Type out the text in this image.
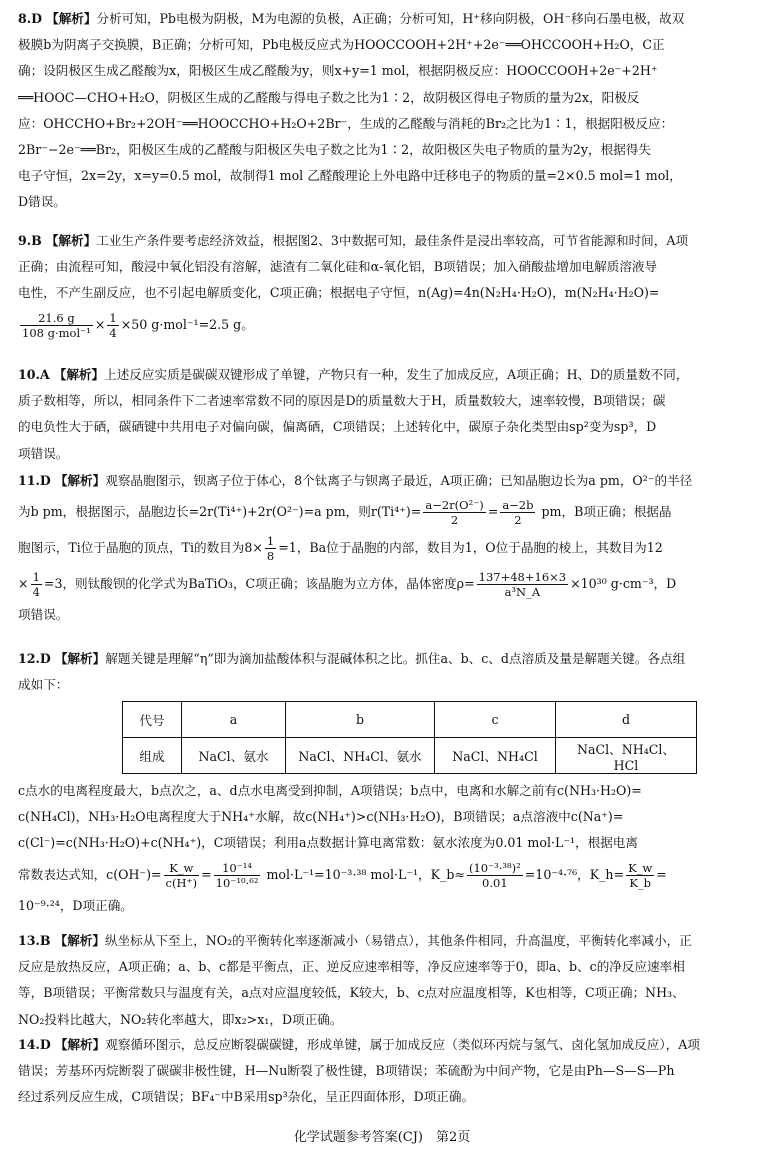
8.D 【解析】分析可知，Pb电极为阴极，M为电源的负极，A正确；分析可知，H⁺移向阴极，OH⁻移向石墨电极，故双
极膜b为阴离子交换膜，B正确；分析可知，Pb电极反应式为HOOCCOOH+2H⁺+2e⁻══OHCCOOH+H₂O，C正
确；设阴极区生成乙醛酸为x，阳极区生成乙醛酸为y，则x+y=1 mol，根据阴极反应：HOOCCOOH+2e⁻+2H⁺
══HOOC—CHO+H₂O，阴极区生成的乙醛酸与得电子数之比为1∶2，故阴极区得电子物质的量为2x，阳极反
应：OHCCHO+Br₂+2OH⁻══HOOCCHO+H₂O+2Br⁻，生成的乙醛酸与消耗的Br₂之比为1∶1，根据阳极反应：
2Br⁻−2e⁻══Br₂，阳极区生成的乙醛酸与阳极区失电子数之比为1∶2，故阳极区失电子物质的量为2y，根据得失
电子守恒，2x=2y，x=y=0.5 mol，故制得1 mol 乙醛酸理论上外电路中迁移电子的物质的量=2×0.5 mol=1 mol，
D错误。
9.B 【解析】工业生产条件要考虑经济效益，根据图2、3中数据可知，最佳条件是浸出率较高，可节省能源和时间，A项
正确；由流程可知，酸浸中氧化铝没有溶解，滤渣有二氧化硅和α-氧化铝，B项错误；加入硝酸盐增加电解质溶液导
电性，不产生副反应，也不引起电解质变化，C项正确；根据电子守恒，n(Ag)=4n(N₂H₄·H₂O)，m(N₂H₄·H₂O)=

$\frac{21.6 g}{\text{108 g·mol⁻¹}} \times \frac{1}{4} \times 50$ g·mol⁻¹=2.5 g。
10.A 【解析】上述反应实质是碳碳双键形成了单键，产物只有一种，发生了加成反应，A项正确；H、D的质量数不同，
质子数相等，所以，相同条件下二者速率常数不同的原因是D的质量数大于H，质量数较大，速率较慢，B项错误；碳
的电负性大于硒，碳硒键中共用电子对偏向碳，偏离硒，C项错误；上述转化中，碳原子杂化类型由sp²变为sp³，D
项错误。
11.D 【解析】观察晶胞图示，钡离子位于体心，8个钛离子与钡离子最近，A项正确；已知晶胞边长为a pm，O²⁻的半径
为b pm，根据图示，晶胞边长=2r(Ti⁴⁺)+2r(O²⁻)=a pm，则$r(Ti^{4+})= \frac{\text{a−2r(O²⁻)}}{2} = \frac{a-2b}{2}$ pm，B项正确；根据晶
胞图示，Ti位于晶胞的顶点，Ti的数目为$8\times \frac{1}{8} =1$，Ba位于晶胞的内部，数目为1，O位于晶胞的棱上，其数目为12
× $\frac{1}{4} =3$，则钛酸钡的化学式为BaTiO₃，C项正确；该晶胞为立方体，晶体密度$\rho= \frac{137+48+16\times 3}{\text{a³N\_A}} \times 10^{30}$ g·cm⁻³，D
项错误。
12.D 【解析】解题关键是理解“η”即为滴加盐酸体积与混碱体积之比。抓住a、b、c、d点溶质及量是解题关键。各点组
成如下：
代号	a	b	c	d
组成	NaCl、氨水	NaCl、NH₄Cl、氨水	NaCl、NH₄Cl	NaCl、NH₄Cl、HCl
c点水的电离程度最大，b点次之，a、d点水电离受到抑制，A项错误；b点中，电离和水解之前有c(NH₃·H₂O)=
c(NH₄Cl)，NH₃·H₂O电离程度大于NH₄⁺水解，故c(NH₄⁺)>c(NH₃·H₂O)，B项错误；a点溶液中c(Na⁺)=
c(Cl⁻)=c(NH₃·H₂O)+c(NH₄⁺)，C项错误；利用a点数据计算电离常数：氨水浓度为0.01 mol·L⁻¹，根据电离
常数表达式知，$c(OH^-)= \frac{K\_w}{c(H^+)} = \frac{\text{10⁻¹⁴}}{\text{10⁻¹⁰·⁶²}} mol\cdot L^{-1}=10^{-3}\cdot^{38}$ mol·L⁻¹，K_b≈ $\frac{\text{(10⁻³·³⁸)²}}{0.01} =10^{-4}\cdot^{76}$，K_h= $\frac{K\_w}{K\_b}$ =
10⁻⁹·²⁴，D项正确。
13.B 【解析】纵坐标从下至上，NO₂的平衡转化率逐渐减小（易错点），其他条件相同，升高温度，平衡转化率减小，正
反应是放热反应，A项正确；a、b、c都是平衡点，正、逆反应速率相等，净反应速率等于0，即a、b、c的净反应速率相
等，B项错误；平衡常数只与温度有关，a点对应温度较低，K较大，b、c点对应温度相等，K也相等，C项正确；NH₃、
NO₂投料比越大，NO₂转化率越大，即x₂>x₁，D项正确。
14.D 【解析】观察循环图示，总反应断裂碳碳键，形成单键，属于加成反应（类似环丙烷与氢气、卤化氢加成反应），A项
错误；芳基环丙烷断裂了碳碳非极性键，H—Nu断裂了极性键，B项错误；苯硫酚为中间产物，它是由Ph—S—S—Ph
经过系列反应生成，C项错误；BF₄⁻中B采用sp³杂化，呈正四面体形，D项正确。
化学试题参考答案(CJ)　第2页
